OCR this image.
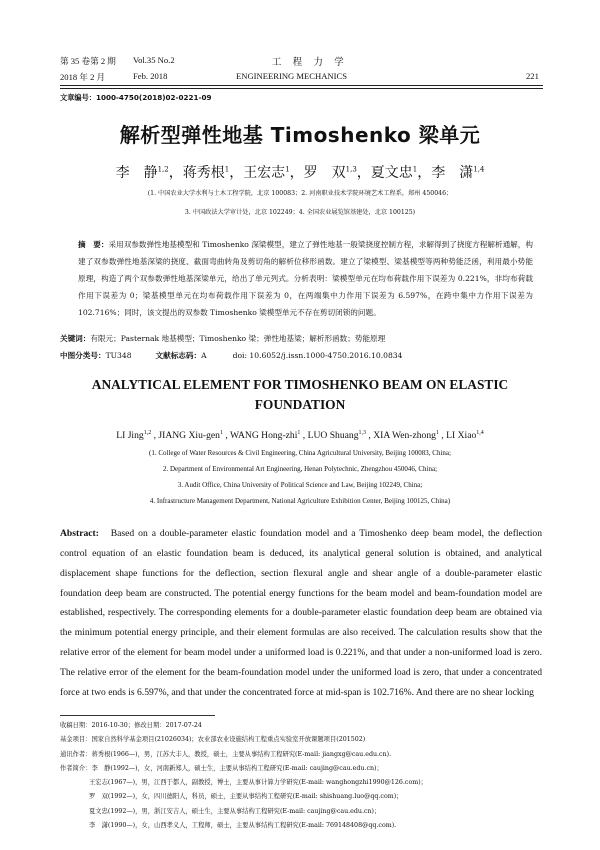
第 35 卷第 2 期 Vol.35 No.2	工　程　力　学
2018 年 2 月	Feb. 2018	ENGINEERING MECHANICS	221
文章编号：1000-4750(2018)02-0221-09
解析型弹性地基 Timoshenko 梁单元
李　静$^{1,2}$，蒋秀根$^1$，王宏志$^1$，罗　双$^{1,3}$，夏文忠$^1$，李　潇$^{1,4}$
(1. 中国农业大学水利与土木工程学院，北京 100083；2. 河南职业技术学院环境艺术工程系，郑州 450046；
3. 中国政法大学审计处，北京 102249；4. 全国农业展览馆基建处，北京 100125)
摘　要：采用双参数弹性地基模型和 Timoshenko 深梁模型，建立了弹性地基一般梁挠度控制方程，求解得到了挠度方程解析通解，构建了双参数弹性地基深梁的挠度、截面弯曲转角及剪切角的解析位移形函数。建立了梁模型、梁基模型等两种势能泛函，利用最小势能原理，构造了两个双参数弹性地基深梁单元，给出了单元列式。分析表明：梁模型单元在均布荷载作用下误差为 0.221%，非均布荷载作用下误差为 0；梁基模型单元在均布荷载作用下误差为 0，在两端集中力作用下误差为 6.597%，在跨中集中力作用下误差为 102.716%；同时，该文提出的双参数 Timoshenko 梁模型单元不存在剪切闭锁的问题。
关键词：有限元；Pasternak 地基模型；Timoshenko 梁；弹性地基梁；解析形函数；势能原理
中图分类号：TU348	文献标志码：A	doi: 10.6052/j.issn.1000-4750.2016.10.0834
ANALYTICAL ELEMENT FOR TIMOSHENKO BEAM ON ELASTIC FOUNDATION
LI Jing$^{1,2}$ , JIANG Xiu-gen$^1$ , WANG Hong-zhi$^1$ , LUO Shuang$^{1,3}$ , XIA Wen-zhong$^1$ , LI Xiao$^{1,4}$
(1. College of Water Resources & Civil Engineering, China Agricultural University, Beijing 100083, China;
2. Department of Environmental Art Engineering, Henan Polytechnic, Zhengzhou 450046, China;
3. Audit Office, China University of Political Science and Law, Beijing 102249, China;
4. Infrastructure Management Department, National Agriculture Exhibition Center, Beijing 100125, China)
Abstract: Based on a double-parameter elastic foundation model and a Timoshenko deep beam model, the deflection control equation of an elastic foundation beam is deduced, its analytical general solution is obtained, and analytical displacement shape functions for the deflection, section flexural angle and shear angle of a double-parameter elastic foundation deep beam are constructed. The potential energy functions for the beam model and beam-foundation model are established, respectively. The corresponding elements for a double-parameter elastic foundation deep beam are obtained via the minimum potential energy principle, and their element formulas are also received. The calculation results show that the relative error of the element for beam model under a uniformed load is 0.221%, and that under a non-uniformed load is zero. The relative error of the element for the beam-foundation model under the uniformed load is zero, that under a concentrated force at two ends is 6.597%, and that under the concentrated force at mid-span is 102.716%. And there are no shear locking
收稿日期：2016-10-30；修改日期：2017-07-24
基金项目：国家自然科学基金项目(21026034)；农业部农业设施结构工程重点实验室开放课题项目(201502)
通讯作者：蒋秀根(1966—)，男，江苏大丰人，教授，硕士，主要从事结构工程研究(E-mail: jiangxg@cau.edu.cn).
作者简介：李　静(1992—)，女，河南新郑人，硕士生，主要从事结构工程研究(E-mail: caujing@cau.edu.cn)；
王宏志(1967—)，男，江西于都人，副教授，博士，主要从事计算力学研究(E-mail: wanghongzhi1990@126.com)；
罗　双(1992—)，女，四川德阳人，科员，硕士，主要从事结构工程研究(E-mail: shishuang.luo@qq.com)；
夏文忠(1992—)，男，浙江安吉人，硕士生，主要从事结构工程研究(E-mail: caujing@cau.edu.cn)；
李　潇(1990—)，女，山西孝义人，工程师，硕士，主要从事结构工程研究(E-mail: 769148408@qq.com).
